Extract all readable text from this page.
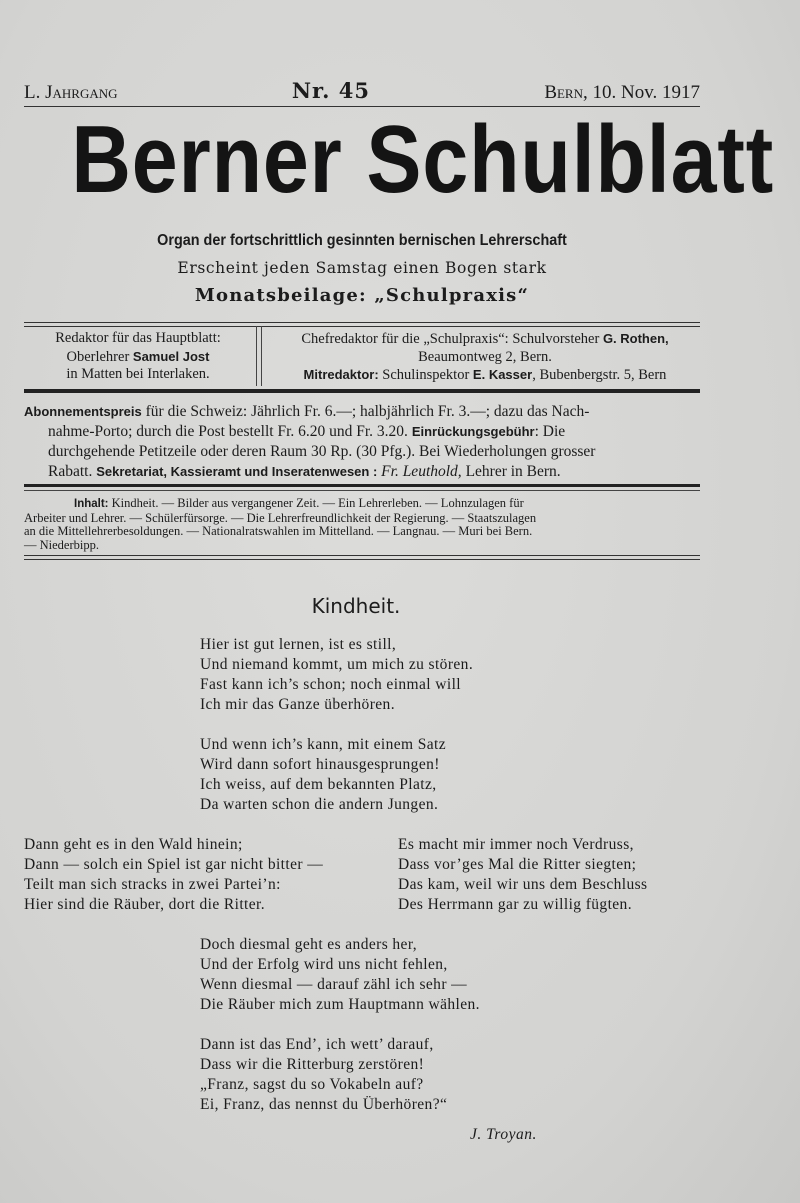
L. Jahrgang	Nr. 45	Bern, 10. Nov. 1917
Berner Schulblatt
Organ der fortschrittlich gesinnten bernischen Lehrerschaft
Erscheint jeden Samstag einen Bogen stark
Monatsbeilage: „Schulpraxis“
Redaktor für das Hauptblatt:
Oberlehrer Samuel Jost
in Matten bei Interlaken.
Chefredaktor für die „Schulpraxis“: Schulvorsteher G. Rothen,
Beaumontweg 2, Bern.
Mitredaktor: Schulinspektor E. Kasser, Bubenbergstr. 5, Bern

Abonnementspreis für die Schweiz: Jährlich Fr. 6.—; halbjährlich Fr. 3.—; dazu das Nach-

nahme-Porto; durch die Post bestellt Fr. 6.20 und Fr. 3.20. Einrückungsgebühr: Die

durchgehende Petitzeile oder deren Raum 30 Rp. (30 Pfg.). Bei Wiederholungen grosser

Rabatt. Sekretariat, Kassieramt und Inseratenwesen : Fr. Leuthold, Lehrer in Bern.

Inhalt: Kindheit. — Bilder aus vergangener Zeit. — Ein Lehrerleben. — Lohnzulagen für

Arbeiter und Lehrer. — Schülerfürsorge. — Die Lehrerfreundlichkeit der Regierung. — Staatszulagen

an die Mittellehrerbesoldungen. — Nationalratswahlen im Mittelland. — Langnau. — Muri bei Bern.

— Niederbipp.

Kindheit.
Hier ist gut lernen, ist es still,
Und niemand kommt, um mich zu stören.
Fast kann ich’s schon; noch einmal will
Ich mir das Ganze überhören.
Und wenn ich’s kann, mit einem Satz
Wird dann sofort hinausgesprungen!
Ich weiss, auf dem bekannten Platz,
Da warten schon die andern Jungen.
Dann geht es in den Wald hinein;
Dann — solch ein Spiel ist gar nicht bitter —
Teilt man sich stracks in zwei Partei’n:
Hier sind die Räuber, dort die Ritter.
Es macht mir immer noch Verdruss,
Dass vor’ges Mal die Ritter siegten;
Das kam, weil wir uns dem Beschluss
Des Herrmann gar zu willig fügten.
Doch diesmal geht es anders her,
Und der Erfolg wird uns nicht fehlen,
Wenn diesmal — darauf zähl ich sehr —
Die Räuber mich zum Hauptmann wählen.
Dann ist das End’, ich wett’ darauf,
Dass wir die Ritterburg zerstören!
„Franz, sagst du so Vokabeln auf?
Ei, Franz, das nennst du Überhören?“
J. Troyan.
